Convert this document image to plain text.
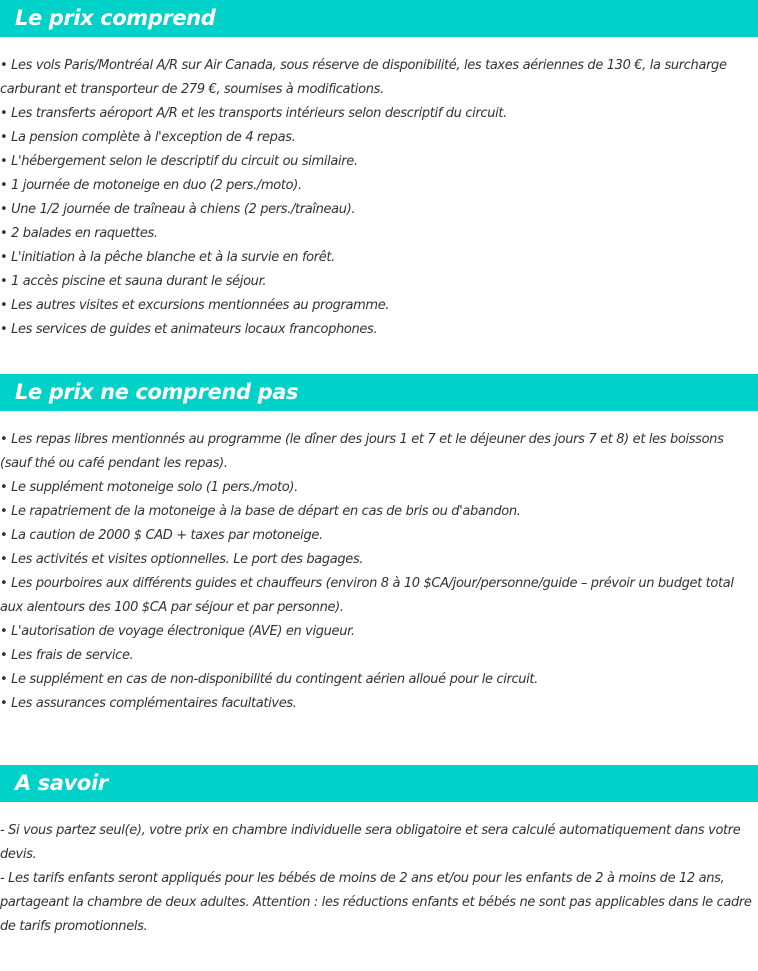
Le prix comprend

• Les vols Paris/Montréal A/R sur Air Canada, sous réserve de disponibilité, les taxes aériennes de 130 €, la surcharge carburant et transporteur de 279 €, soumises à modifications.

• Les transferts aéroport A/R et les transports intérieurs selon descriptif du circuit.

• La pension complète à l'exception de 4 repas.

• L'hébergement selon le descriptif du circuit ou similaire.

• 1 journée de motoneige en duo (2 pers./moto).

• Une 1/2 journée de traîneau à chiens (2 pers./traîneau).

• 2 balades en raquettes.

• L'initiation à la pêche blanche et à la survie en forêt.

• 1 accès piscine et sauna durant le séjour.

• Les autres visites et excursions mentionnées au programme.

• Les services de guides et animateurs locaux francophones.

Le prix ne comprend pas

• Les repas libres mentionnés au programme (le dîner des jours 1 et 7 et le déjeuner des jours 7 et 8) et les boissons (sauf thé ou café pendant les repas).

• Le supplément motoneige solo (1 pers./moto).

• Le rapatriement de la motoneige à la base de départ en cas de bris ou d'abandon.

• La caution de 2000 $ CAD + taxes par motoneige.

• Les activités et visites optionnelles. Le port des bagages.

• Les pourboires aux différents guides et chauffeurs (environ 8 à 10 $CA/jour/personne/guide – prévoir un budget total aux alentours des 100 $CA par séjour et par personne).

• L'autorisation de voyage électronique (AVE) en vigueur.

• Les frais de service.

• Le supplément en cas de non-disponibilité du contingent aérien alloué pour le circuit.

• Les assurances complémentaires facultatives.

A savoir

- Si vous partez seul(e), votre prix en chambre individuelle sera obligatoire et sera calculé automatiquement dans votre devis.

- Les tarifs enfants seront appliqués pour les bébés de moins de 2 ans et/ou pour les enfants de 2 à moins de 12 ans, partageant la chambre de deux adultes. Attention : les réductions enfants et bébés ne sont pas applicables dans le cadre de tarifs promotionnels.
